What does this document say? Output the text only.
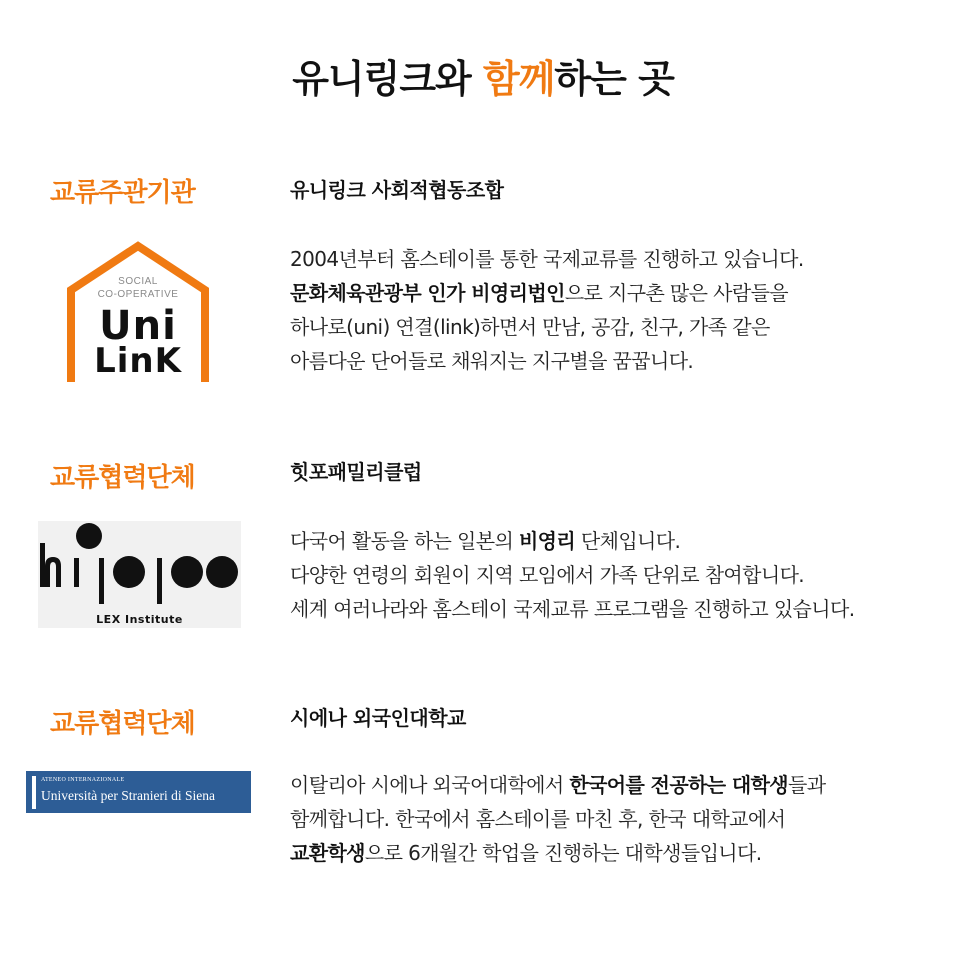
유니링크와 함께하는 곳
교류주관기관	유니링크 사회적협동조합
SOCIAL
CO-OPERATIVE
Uni
LinK
2004년부터 홈스테이를 통한 국제교류를 진행하고 있습니다.
문화체육관광부 인가 비영리법인으로 지구촌 많은 사람들을
하나로(uni) 연결(link)하면서 만남, 공감, 친구, 가족 같은
아름다운 단어들로 채워지는 지구별을 꿈꿉니다.
교류협력단체	힛포패밀리클럽
LEX Institute
다국어 활동을 하는 일본의 비영리 단체입니다.
다양한 연령의 회원이 지역 모임에서 가족 단위로 참여합니다.
세계 여러나라와 홈스테이 국제교류 프로그램을 진행하고 있습니다.
교류협력단체	시에나 외국인대학교
ATENEO INTERNAZIONALE
Università per Stranieri di Siena	이탈리아 시에나 외국어대학에서 한국어를 전공하는 대학생들과
함께합니다. 한국에서 홈스테이를 마친 후, 한국 대학교에서
교환학생으로 6개월간 학업을 진행하는 대학생들입니다.
